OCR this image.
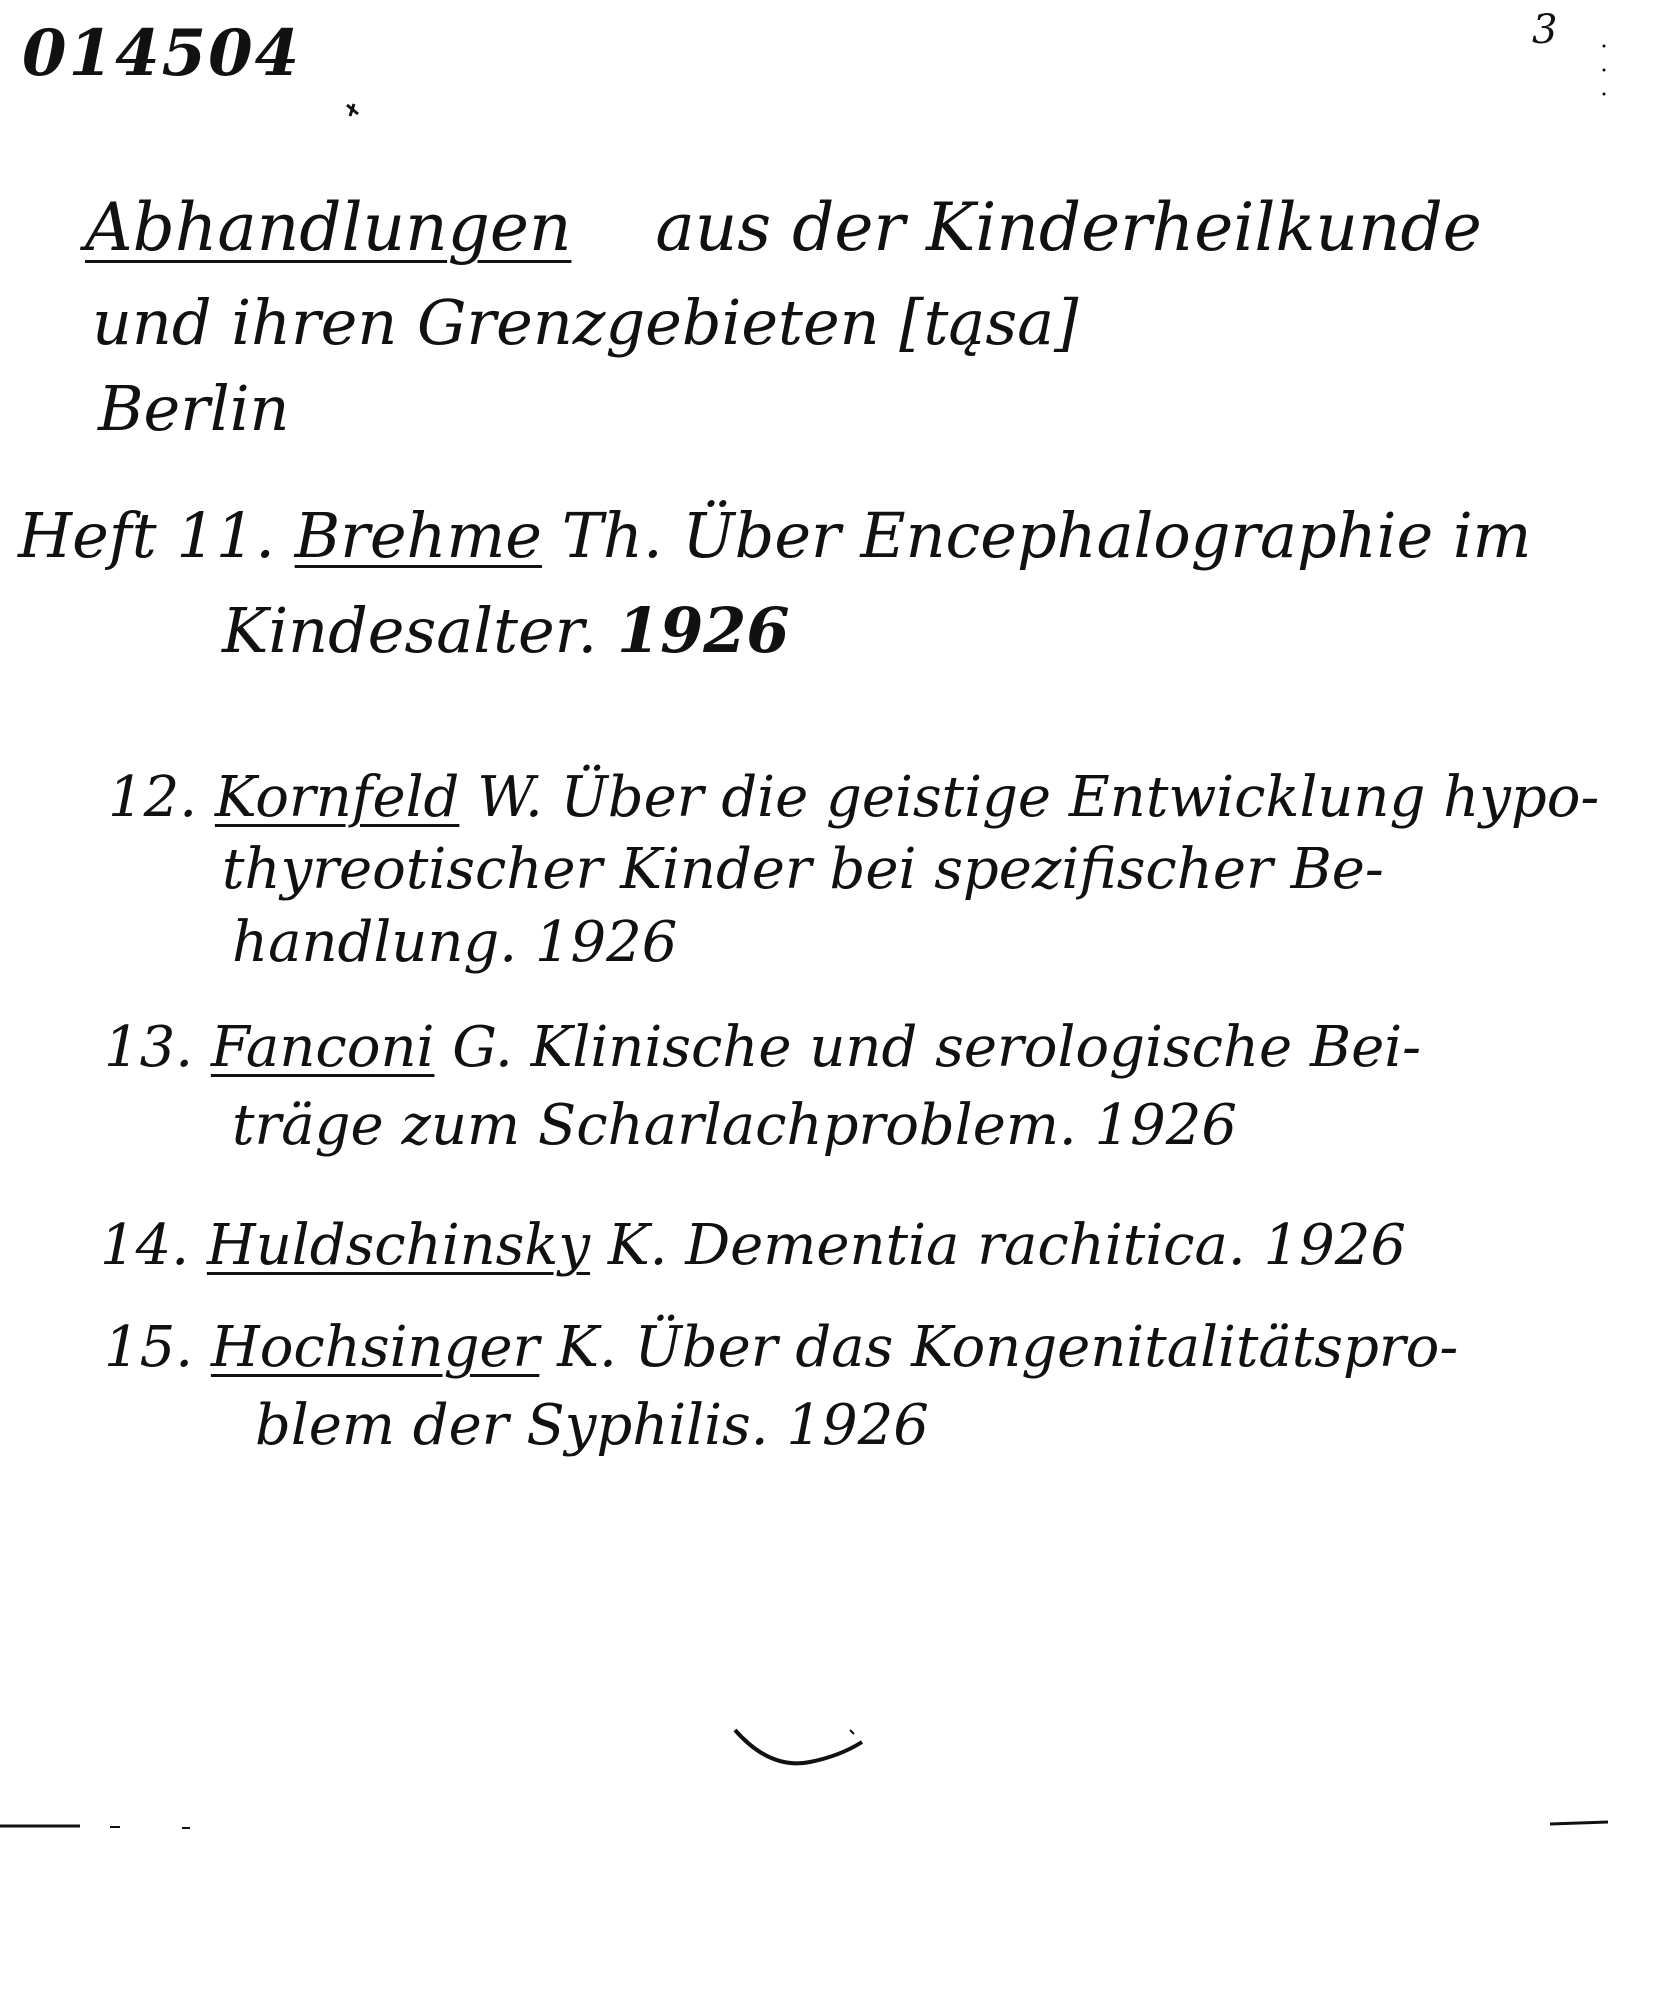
014504	3
Abhandlungen aus der Kinderheilkunde
und ihren Grenzgebieten [tąsa]
Berlin
Heft 11. Brehme Th. Über Encephalographie im
Kindesalter. 1926
12. Kornfeld W. Über die geistige Entwicklung hypo-
thyreotischer Kinder bei spezifischer Be-
handlung. 1926
13. Fanconi G. Klinische und serologische Bei-
träge zum Scharlachproblem. 1926
14. Huldschinsky K. Dementia rachitica. 1926
15. Hochsinger K. Über das Kongenitalitätspro-
blem der Syphilis. 1926
